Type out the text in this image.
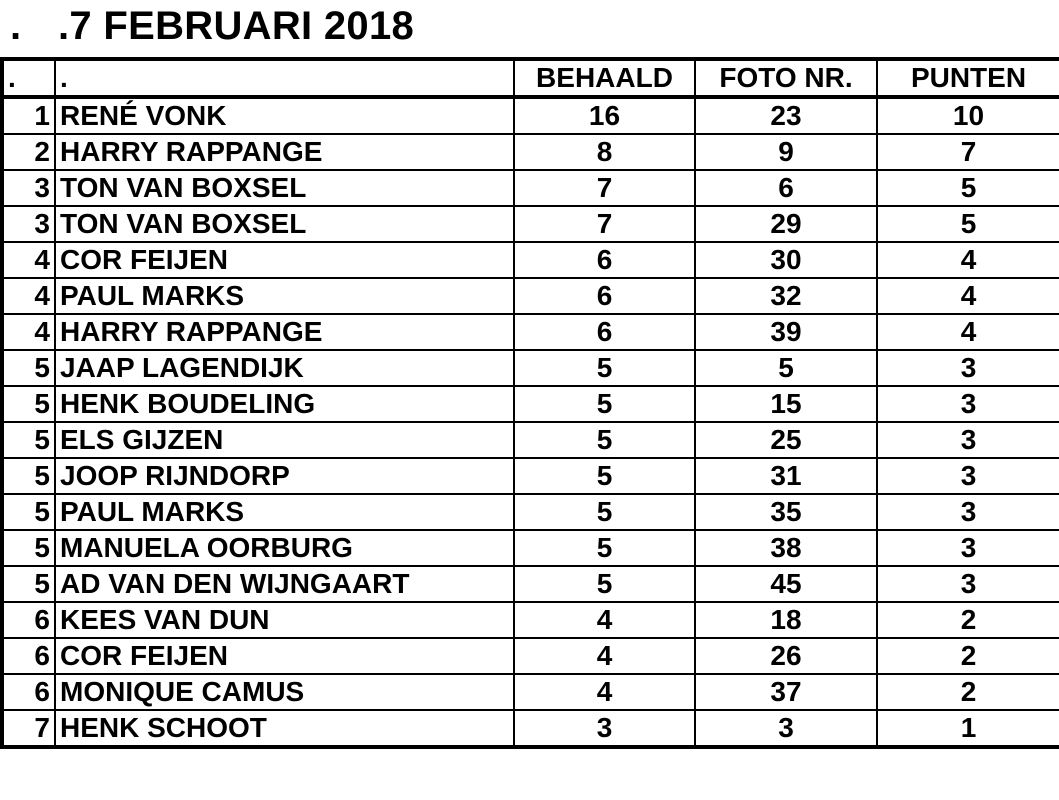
. .7 FEBRUARI 2018
.	.	BEHAALD	FOTO NR.	PUNTEN
1	RENÉ VONK	16	23	10
2	HARRY RAPPANGE	8	9	7
3	TON VAN BOXSEL	7	6	5
3	TON VAN BOXSEL	7	29	5
4	COR FEIJEN	6	30	4
4	PAUL MARKS	6	32	4
4	HARRY RAPPANGE	6	39	4
5	JAAP LAGENDIJK	5	5	3
5	HENK BOUDELING	5	15	3
5	ELS GIJZEN	5	25	3
5	JOOP RIJNDORP	5	31	3
5	PAUL MARKS	5	35	3
5	MANUELA OORBURG	5	38	3
5	AD VAN DEN WIJNGAART	5	45	3
6	KEES VAN DUN	4	18	2
6	COR FEIJEN	4	26	2
6	MONIQUE CAMUS	4	37	2
7	HENK SCHOOT	3	3	1
